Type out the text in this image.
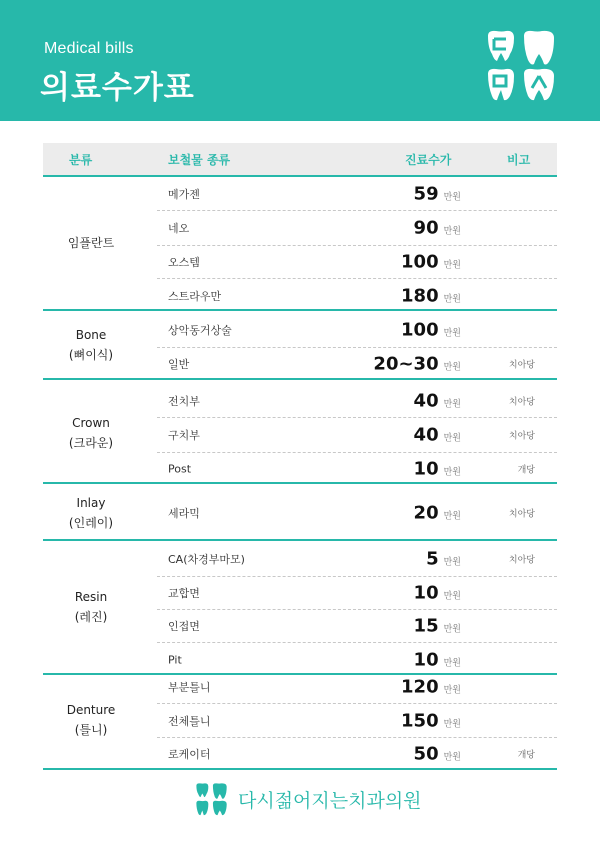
Medical bills
의료수가표
분류	보철물 종류	진료수가	비고
임플란트
메가젠	59 만원
네오	90 만원
오스템	100 만원
스트라우만	180 만원
Bone
(뼈이식)
상악동거상술	100 만원
일반	20~30 만원	치아당
Crown
(크라운)
전치부	40 만원	치아당
구치부	40 만원	치아당
Post	10 만원	개당
Inlay
(인레이)
세라믹	20 만원	치아당
Resin
(레진)
CA(차경부마모)	5 만원	치아당
교합면	10 만원
인접면	15 만원
Pit	10 만원
Denture
(틀니)
부분틀니	120 만원
전체틀니	150 만원
로케이터	50 만원	개당
다시젊어지는치과의원
